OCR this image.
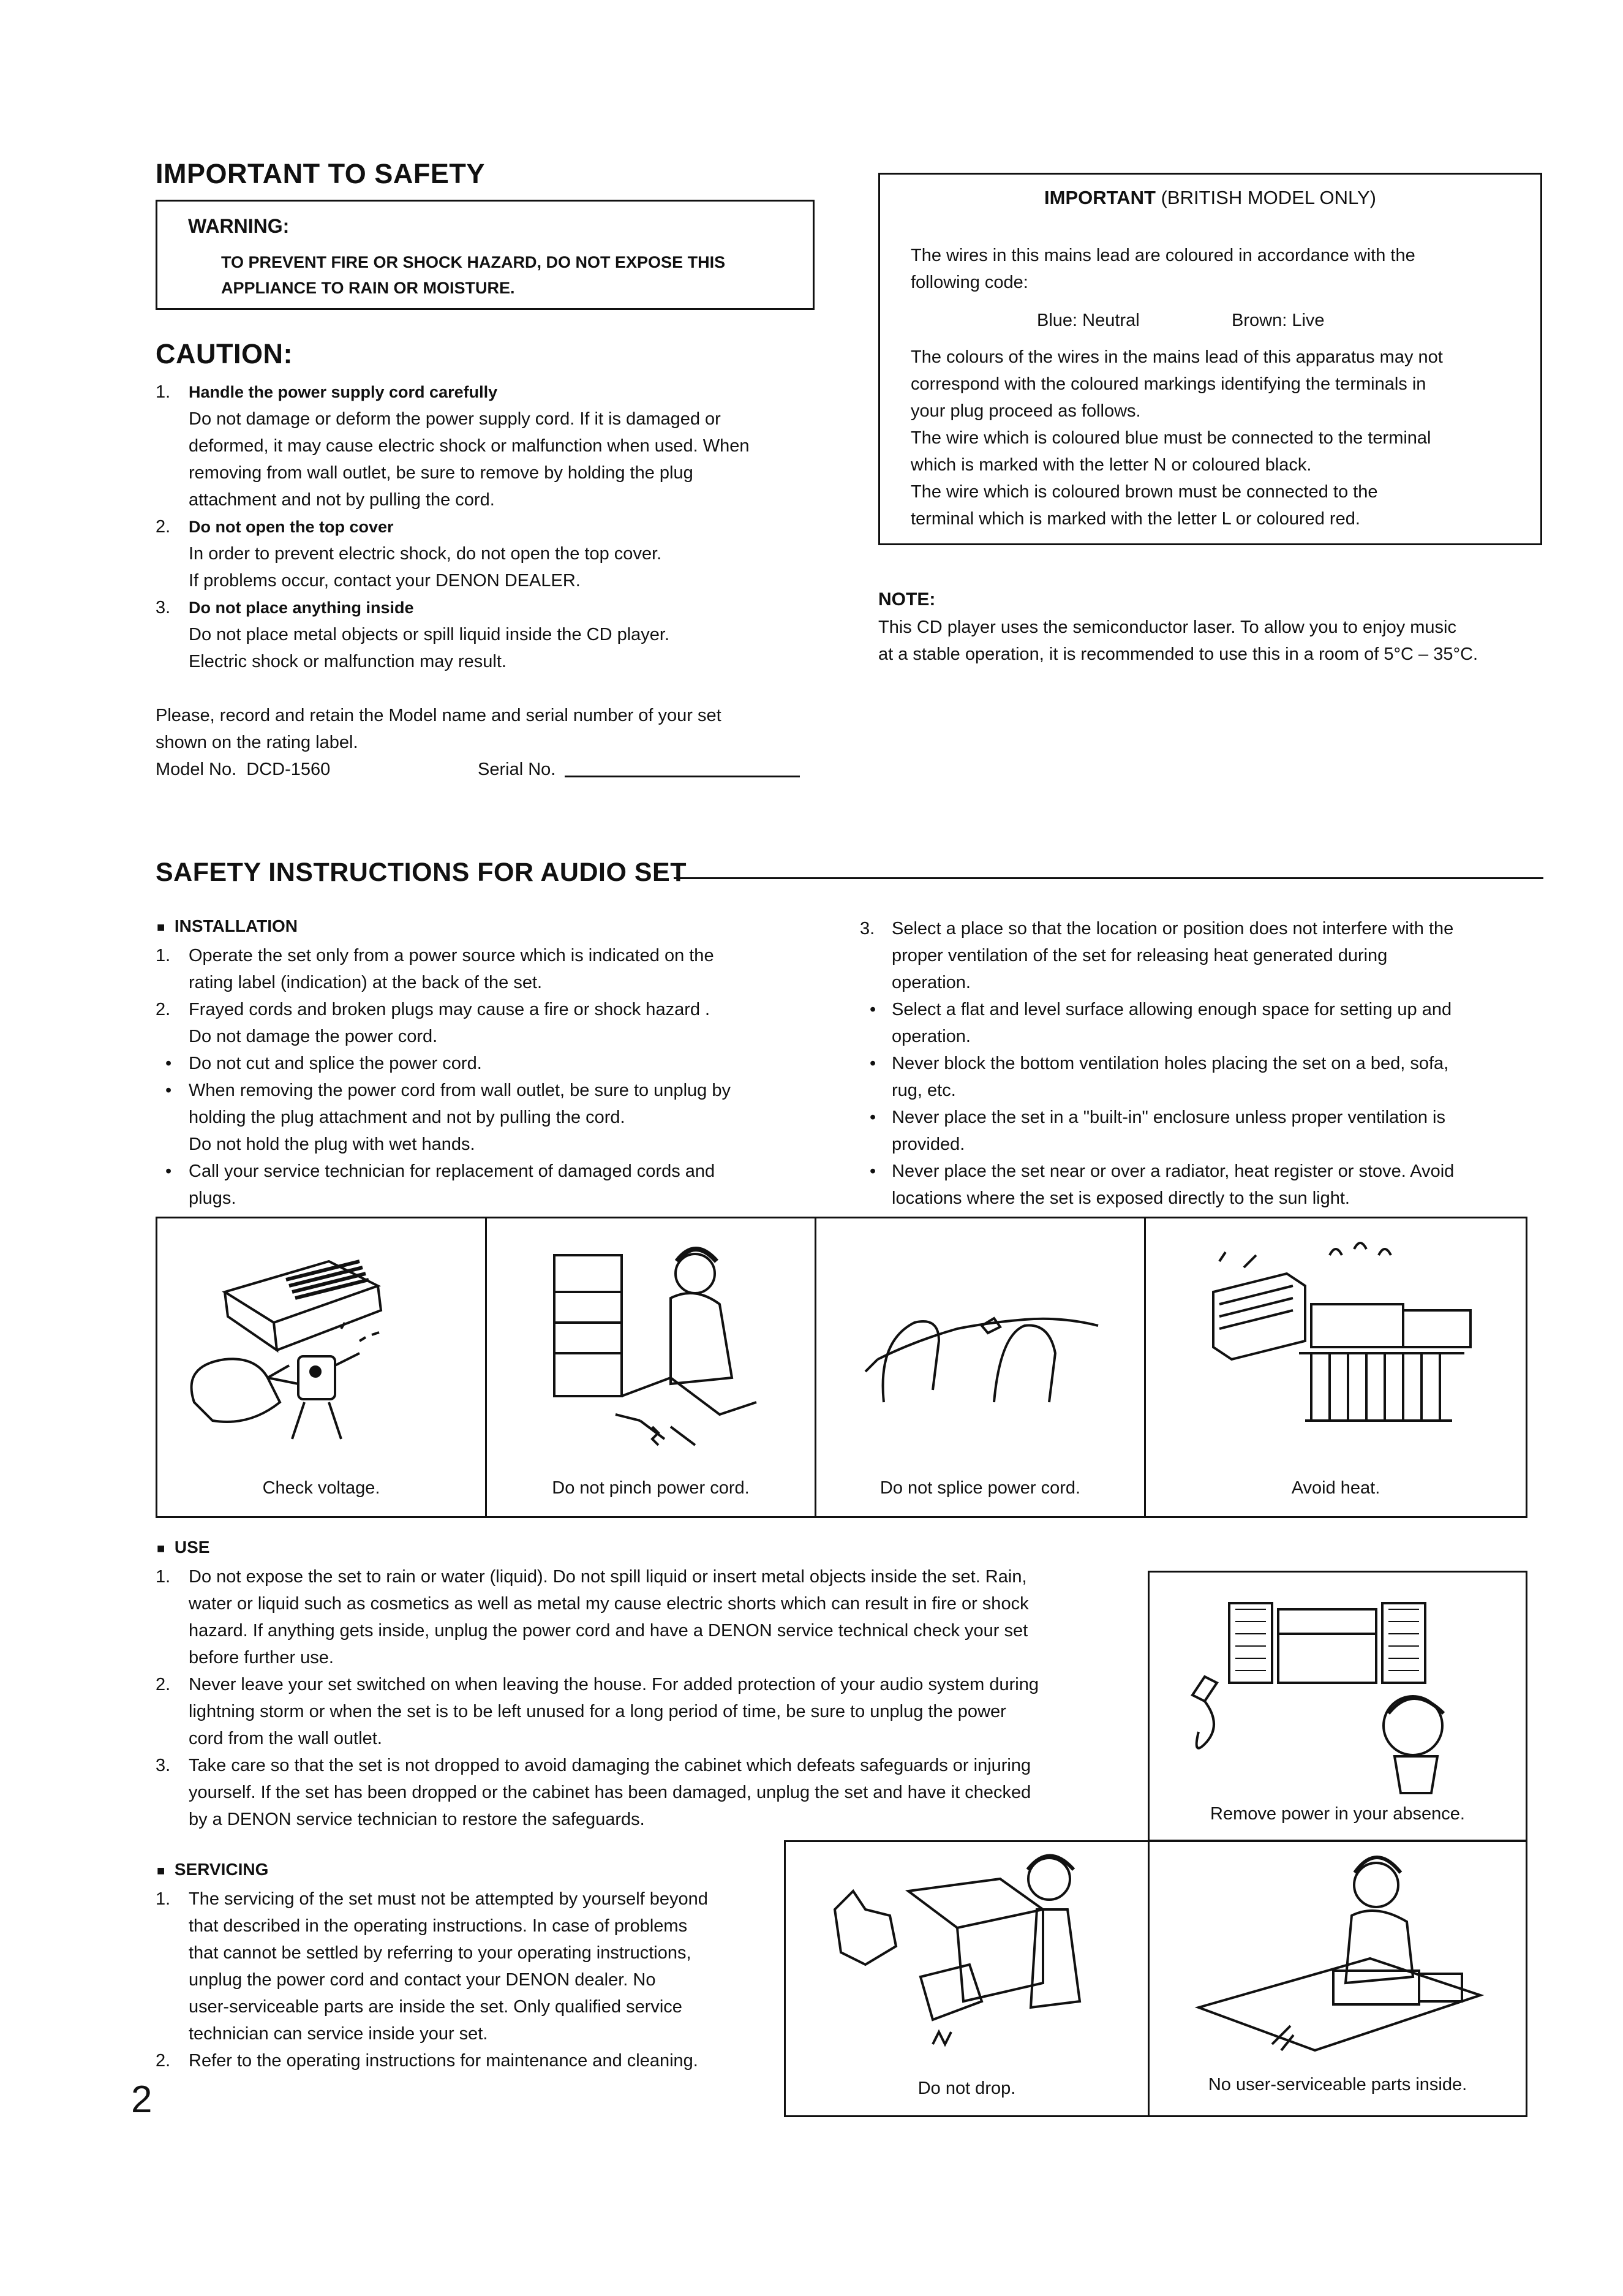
IMPORTANT TO SAFETY
WARNING:
TO PREVENT FIRE OR SHOCK HAZARD, DO NOT EXPOSE THIS
APPLIANCE TO RAIN OR MOISTURE.
CAUTION:
1. Handle the power supply cord carefully
Do not damage or deform the power supply cord. If it is damaged or
deformed, it may cause electric shock or malfunction when used. When
removing from wall outlet, be sure to remove by holding the plug
attachment and not by pulling the cord.
2. Do not open the top cover
In order to prevent electric shock, do not open the top cover.
If problems occur, contact your DENON DEALER.
3. Do not place anything inside
Do not place metal objects or spill liquid inside the CD player.
Electric shock or malfunction may result.
Please, record and retain the Model name and serial number of your set
shown on the rating label.
Model No.  DCD-1560	Serial No.
IMPORTANT (BRITISH MODEL ONLY)
The wires in this mains lead are coloured in accordance with the
following code:
Blue: Neutral	Brown: Live
The colours of the wires in the mains lead of this apparatus may not
correspond with the coloured markings identifying the terminals in
your plug proceed as follows.
The wire which is coloured blue must be connected to the terminal
which is marked with the letter N or coloured black.
The wire which is coloured brown must be connected to the
terminal which is marked with the letter L or coloured red.
NOTE:
This CD player uses the semiconductor laser. To allow you to enjoy music
at a stable operation, it is recommended to use this in a room of 5°C – 35°C.
SAFETY INSTRUCTIONS FOR AUDIO SET
■ INSTALLATION
1. Operate the set only from a power source which is indicated on the
rating label (indication) at the back of the set.
2. Frayed cords and broken plugs may cause a fire or shock hazard .
Do not damage the power cord.
• Do not cut and splice the power cord.
• When removing the power cord from wall outlet, be sure to unplug by
holding the plug attachment and not by pulling the cord.
Do not hold the plug with wet hands.
• Call your service technician for replacement of damaged cords and
plugs.
3. Select a place so that the location or position does not interfere with the
proper ventilation of the set for releasing heat generated during
operation.
• Select a flat and level surface allowing enough space for setting up and
operation.
• Never block the bottom ventilation holes placing the set on a bed, sofa,
rug, etc.
• Never place the set in a "built-in" enclosure unless proper ventilation is
provided.
• Never place the set near or over a radiator, heat register or stove. Avoid
locations where the set is exposed directly to the sun light.
Check voltage.	Do not pinch power cord.	Do not splice power cord.	Avoid heat.
■ USE
1. Do not expose the set to rain or water (liquid). Do not spill liquid or insert metal objects inside the set. Rain,
water or liquid such as cosmetics as well as metal my cause electric shorts which can result in fire or shock
hazard. If anything gets inside, unplug the power cord and have a DENON service technical check your set
before further use.
2. Never leave your set switched on when leaving the house. For added protection of your audio system during
lightning storm or when the set is to be left unused for a long period of time, be sure to unplug the power
cord from the wall outlet.
3. Take care so that the set is not dropped to avoid damaging the cabinet which defeats safeguards or injuring
yourself. If the set has been dropped or the cabinet has been damaged, unplug the set and have it checked
by a DENON service technician to restore the safeguards.	Remove power in your absence.
■ SERVICING
1. The servicing of the set must not be attempted by yourself beyond
that described in the operating instructions. In case of problems
that cannot be settled by referring to your operating instructions,
unplug the power cord and contact your DENON dealer. No
user-serviceable parts are inside the set. Only qualified service
technician can service inside your set.
2. Refer to the operating instructions for maintenance and cleaning.
Do not drop.	No user-serviceable parts inside.
2
